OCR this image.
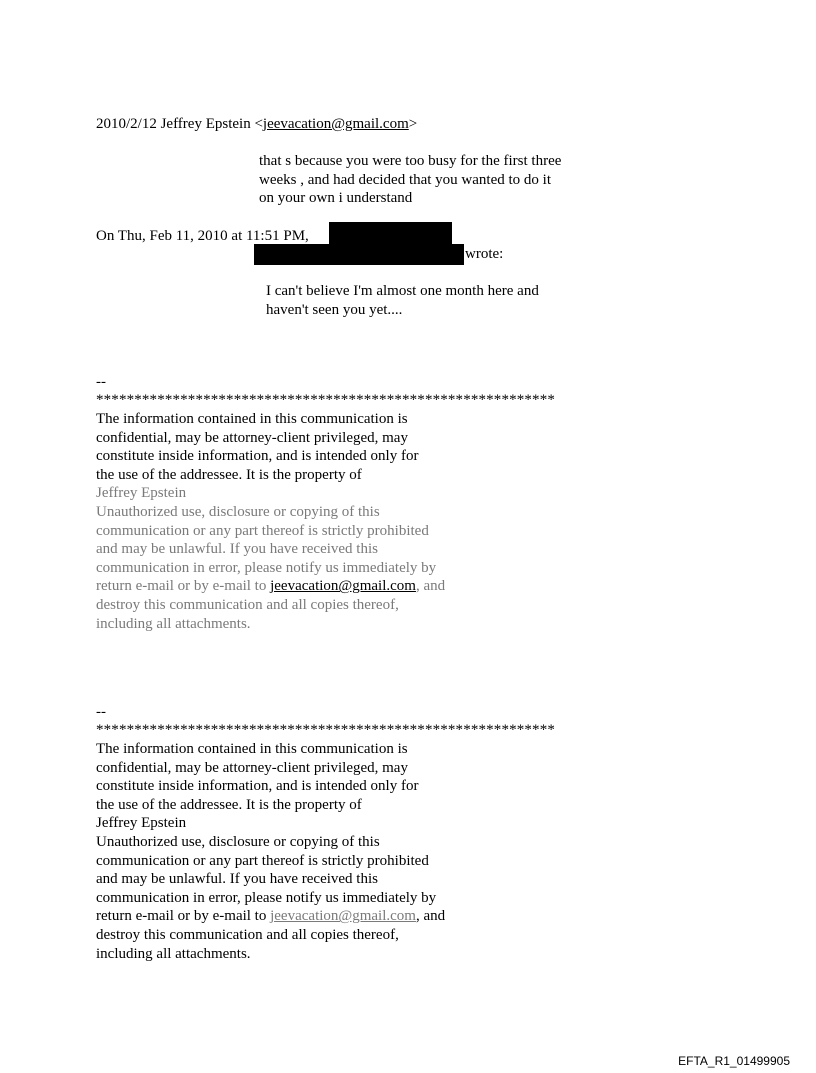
2010/2/12 Jeffrey Epstein <jeevacation@gmail.com>
that s because you were too busy for the first three
weeks , and had decided that you wanted to do it
on your own i understand
On Thu, Feb 11, 2010 at 11:51 PM,
wrote:
I can't believe I'm almost one month here and
haven't seen you yet....
--
************************************************************
The information contained in this communication is
confidential, may be attorney-client privileged, may
constitute inside information, and is intended only for
the use of the addressee. It is the property of
Jeffrey Epstein
Unauthorized use, disclosure or copying of this
communication or any part thereof is strictly prohibited
and may be unlawful. If you have received this
communication in error, please notify us immediately by
return e-mail or by e-mail to jeevacation@gmail.com, and
destroy this communication and all copies thereof,
including all attachments.
--
************************************************************
The information contained in this communication is
confidential, may be attorney-client privileged, may
constitute inside information, and is intended only for
the use of the addressee. It is the property of
Jeffrey Epstein
Unauthorized use, disclosure or copying of this
communication or any part thereof is strictly prohibited
and may be unlawful. If you have received this
communication in error, please notify us immediately by
return e-mail or by e-mail to jeevacation@gmail.com, and
destroy this communication and all copies thereof,
including all attachments.
EFTA_R1_01499905
